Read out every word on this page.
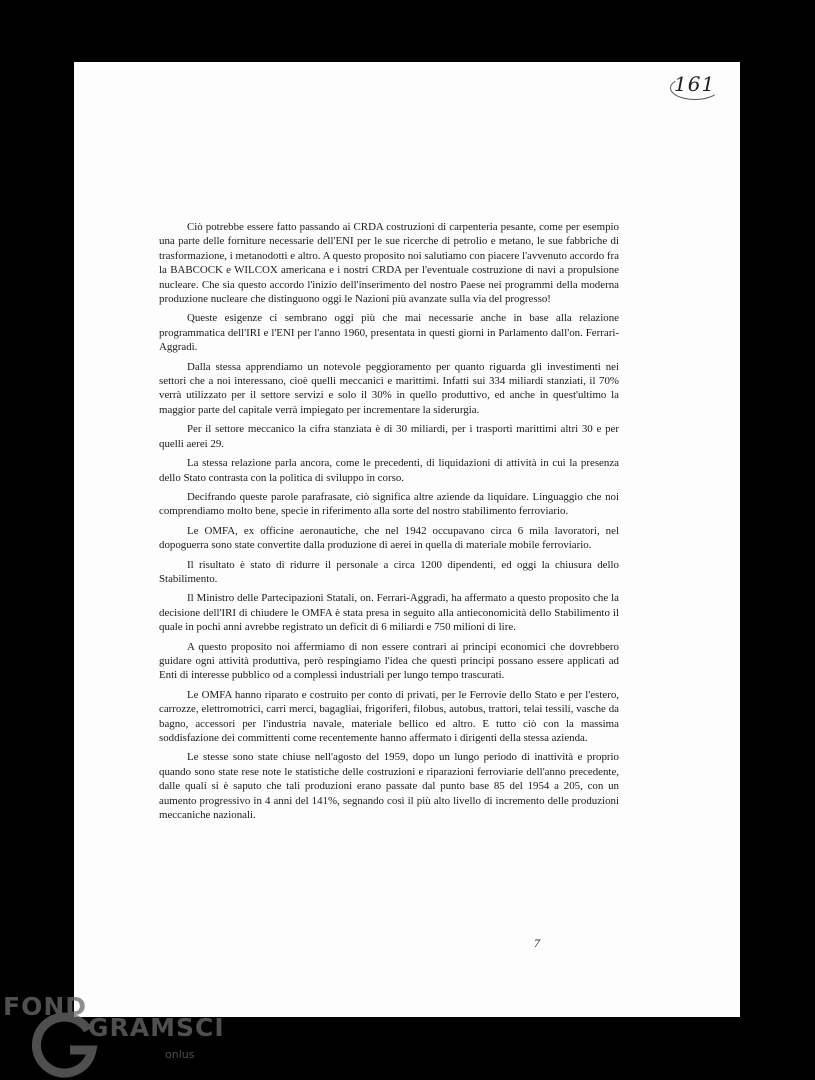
161

Ciò potrebbe essere fatto passando ai CRDA costruzioni di carpenteria pesante, come per esempio una parte delle forniture necessarie dell'ENI per le sue ricerche di petrolio e metano, le sue fabbriche di trasformazione, i metanodotti e altro. A questo proposito noi salutiamo con piacere l'avvenuto accordo fra la BABCOCK e WILCOX americana e i nostri CRDA per l'eventuale costruzione di navi a propulsione nucleare. Che sia questo accordo l'inizio dell'inserimento del nostro Paese nei programmi della moderna produzione nucleare che distinguono oggi le Nazioni più avanzate sulla via del progresso!

Queste esigenze ci sembrano oggi più che mai necessarie anche in base alla relazione programmatica dell'IRI e l'ENI per l'anno 1960, presentata in questi giorni in Parlamento dall'on. Ferrari-Aggradi.

Dalla stessa apprendiamo un notevole peggioramento per quanto riguarda gli investimenti nei settori che a noi interessano, cioè quelli meccanici e marittimi. Infatti sui 334 miliardi stanziati, il 70% verrà utilizzato per il settore servizi e solo il 30% in quello produttivo, ed anche in quest'ultimo la maggior parte del capitale verrà impiegato per incrementare la siderurgia.

Per il settore meccanico la cifra stanziata è di 30 miliardi, per i trasporti marittimi altri 30 e per quelli aerei 29.

La stessa relazione parla ancora, come le precedenti, di liquidazioni di attività in cui la presenza dello Stato contrasta con la politica di sviluppo in corso.

Decifrando queste parole parafrasate, ciò significa altre aziende da liquidare. Linguaggio che noi comprendiamo molto bene, specie in riferimento alla sorte del nostro stabilimento ferroviario.

Le OMFA, ex officine aeronautiche, che nel 1942 occupavano circa 6 mila lavoratori, nel dopoguerra sono state convertite dalla produzione di aerei in quella di materiale mobile ferroviario.

Il risultato è stato di ridurre il personale a circa 1200 dipendenti, ed oggi la chiusura dello Stabilimento.

Il Ministro delle Partecipazioni Statali, on. Ferrari-Aggradi, ha affermato a questo proposito che la decisione dell'IRI di chiudere le OMFA è stata presa in seguito alla antieconomicità dello Stabilimento il quale in pochi anni avrebbe registrato un deficit di 6 miliardi e 750 milioni di lire.

A questo proposito noi affermiamo di non essere contrari ai principi economici che dovrebbero guidare ogni attività produttiva, però respingiamo l'idea che questi principi possano essere applicati ad Enti di interesse pubblico od a complessi industriali per lungo tempo trascurati.

Le OMFA hanno riparato e costruito per conto di privati, per le Ferrovie dello Stato e per l'estero, carrozze, elettromotrici, carri merci, bagagliai, frigoriferi, filobus, autobus, trattori, telai tessili, vasche da bagno, accessori per l'industria navale, materiale bellico ed altro. E tutto ciò con la massima soddisfazione dei committenti come recentemente hanno affermato i dirigenti della stessa azienda.

Le stesse sono state chiuse nell'agosto del 1959, dopo un lungo periodo di inattività e proprio quando sono state rese note le statistiche delle costruzioni e riparazioni ferroviarie dell'anno precedente, dalle quali si è saputo che tali produzioni erano passate dal punto base 85 del 1954 a 205, con un aumento progressivo in 4 anni del 141%, segnando così il più alto livello di incremento delle produzioni meccaniche nazionali.

7
FOND
GRAMSCI
onlus
